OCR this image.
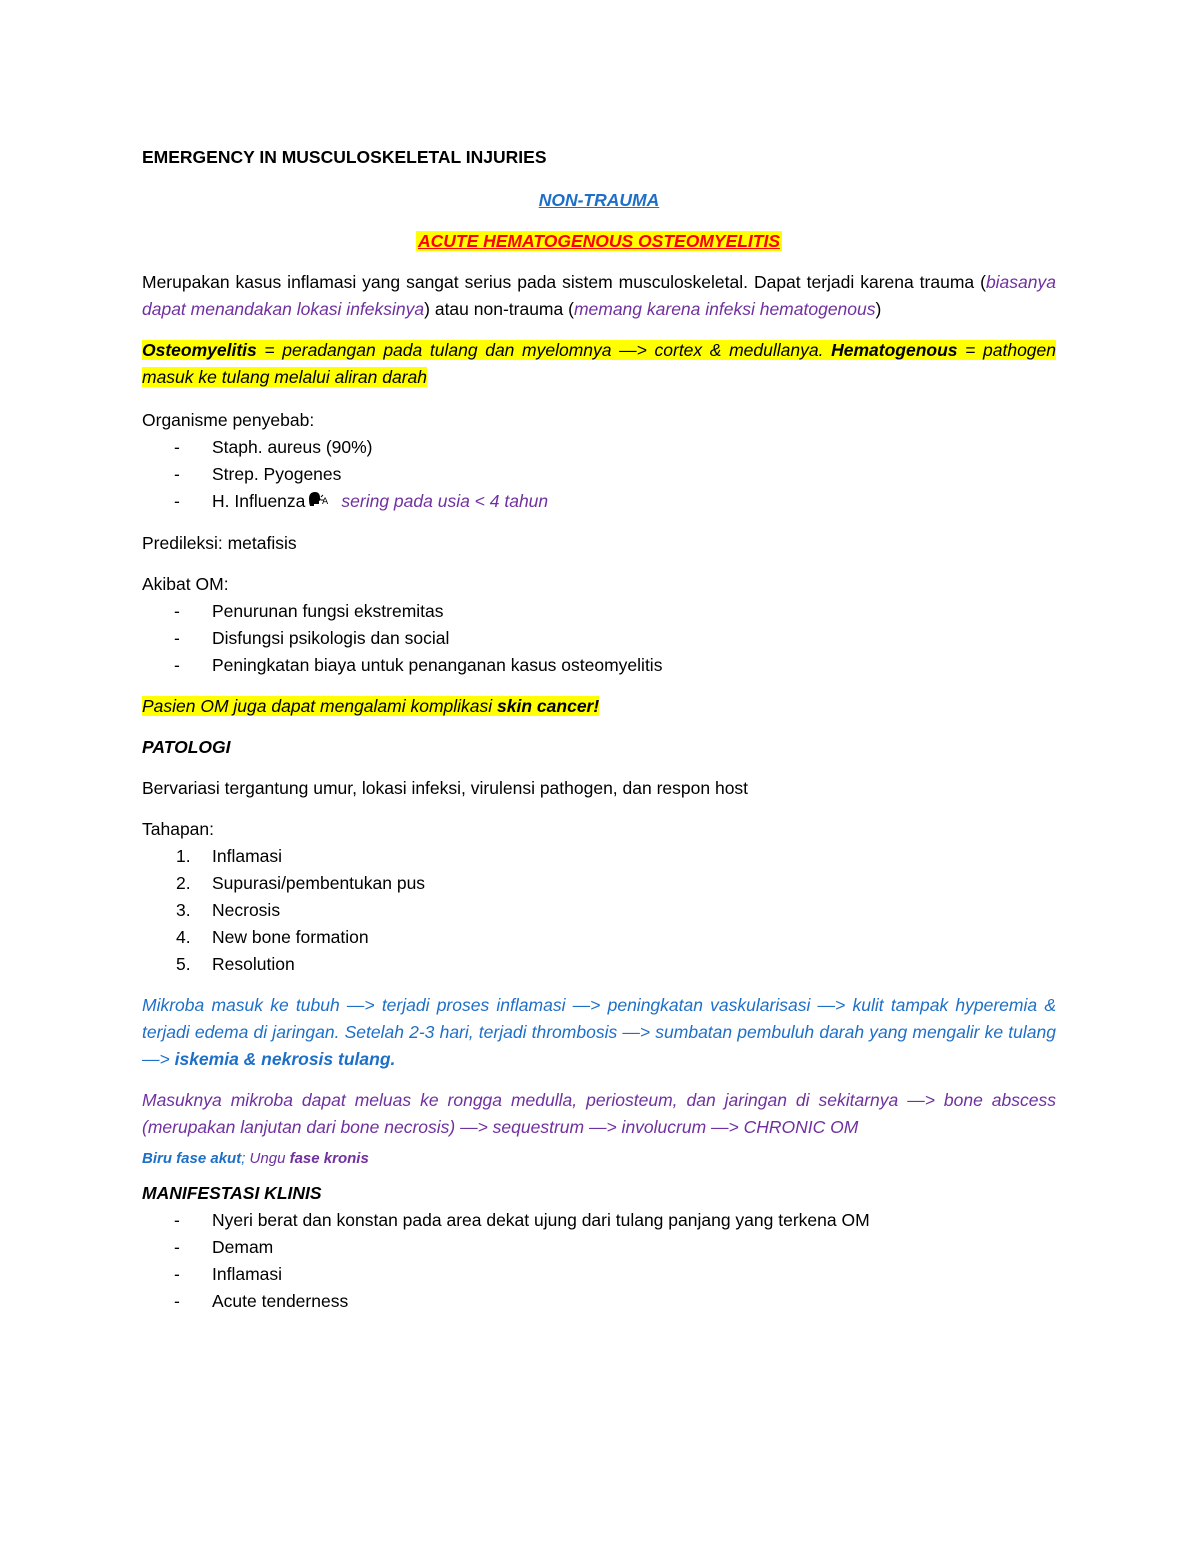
EMERGENCY IN MUSCULOSKELETAL INJURIES

NON-TRAUMA

ACUTE HEMATOGENOUS OSTEOMYELITIS

Merupakan kasus inflamasi yang sangat serius pada sistem musculoskeletal. Dapat terjadi karena trauma (biasanya dapat menandakan lokasi infeksinya) atau non-trauma (memang karena infeksi hematogenous)

Osteomyelitis = peradangan pada tulang dan myelomnya —> cortex & medullanya. Hematogenous = pathogen masuk ke tulang melalui aliran darah

Organisme penyebab:

- Staph. aureus (90%)
- Strep. Pyogenes
- H. Influenza A sering pada usia < 4 tahun

Predileksi: metafisis

Akibat OM:

- Penurunan fungsi ekstremitas
- Disfungsi psikologis dan social
- Peningkatan biaya untuk penanganan kasus osteomyelitis

Pasien OM juga dapat mengalami komplikasi skin cancer!

PATOLOGI

Bervariasi tergantung umur, lokasi infeksi, virulensi pathogen, dan respon host

Tahapan:

1. Inflamasi
2. Supurasi/pembentukan pus
3. Necrosis
4. New bone formation
5. Resolution

Mikroba masuk ke tubuh —> terjadi proses inflamasi —> peningkatan vaskularisasi —> kulit tampak hyperemia & terjadi edema di jaringan. Setelah 2-3 hari, terjadi thrombosis —> sumbatan pembuluh darah yang mengalir ke tulang —> iskemia & nekrosis tulang.

Masuknya mikroba dapat meluas ke rongga medulla, periosteum, dan jaringan di sekitarnya —> bone abscess (merupakan lanjutan dari bone necrosis) —> sequestrum —> involucrum —> CHRONIC OM

Biru fase akut; Ungu fase kronis

MANIFESTASI KLINIS

- Nyeri berat dan konstan pada area dekat ujung dari tulang panjang yang terkena OM
- Demam
- Inflamasi
- Acute tenderness
